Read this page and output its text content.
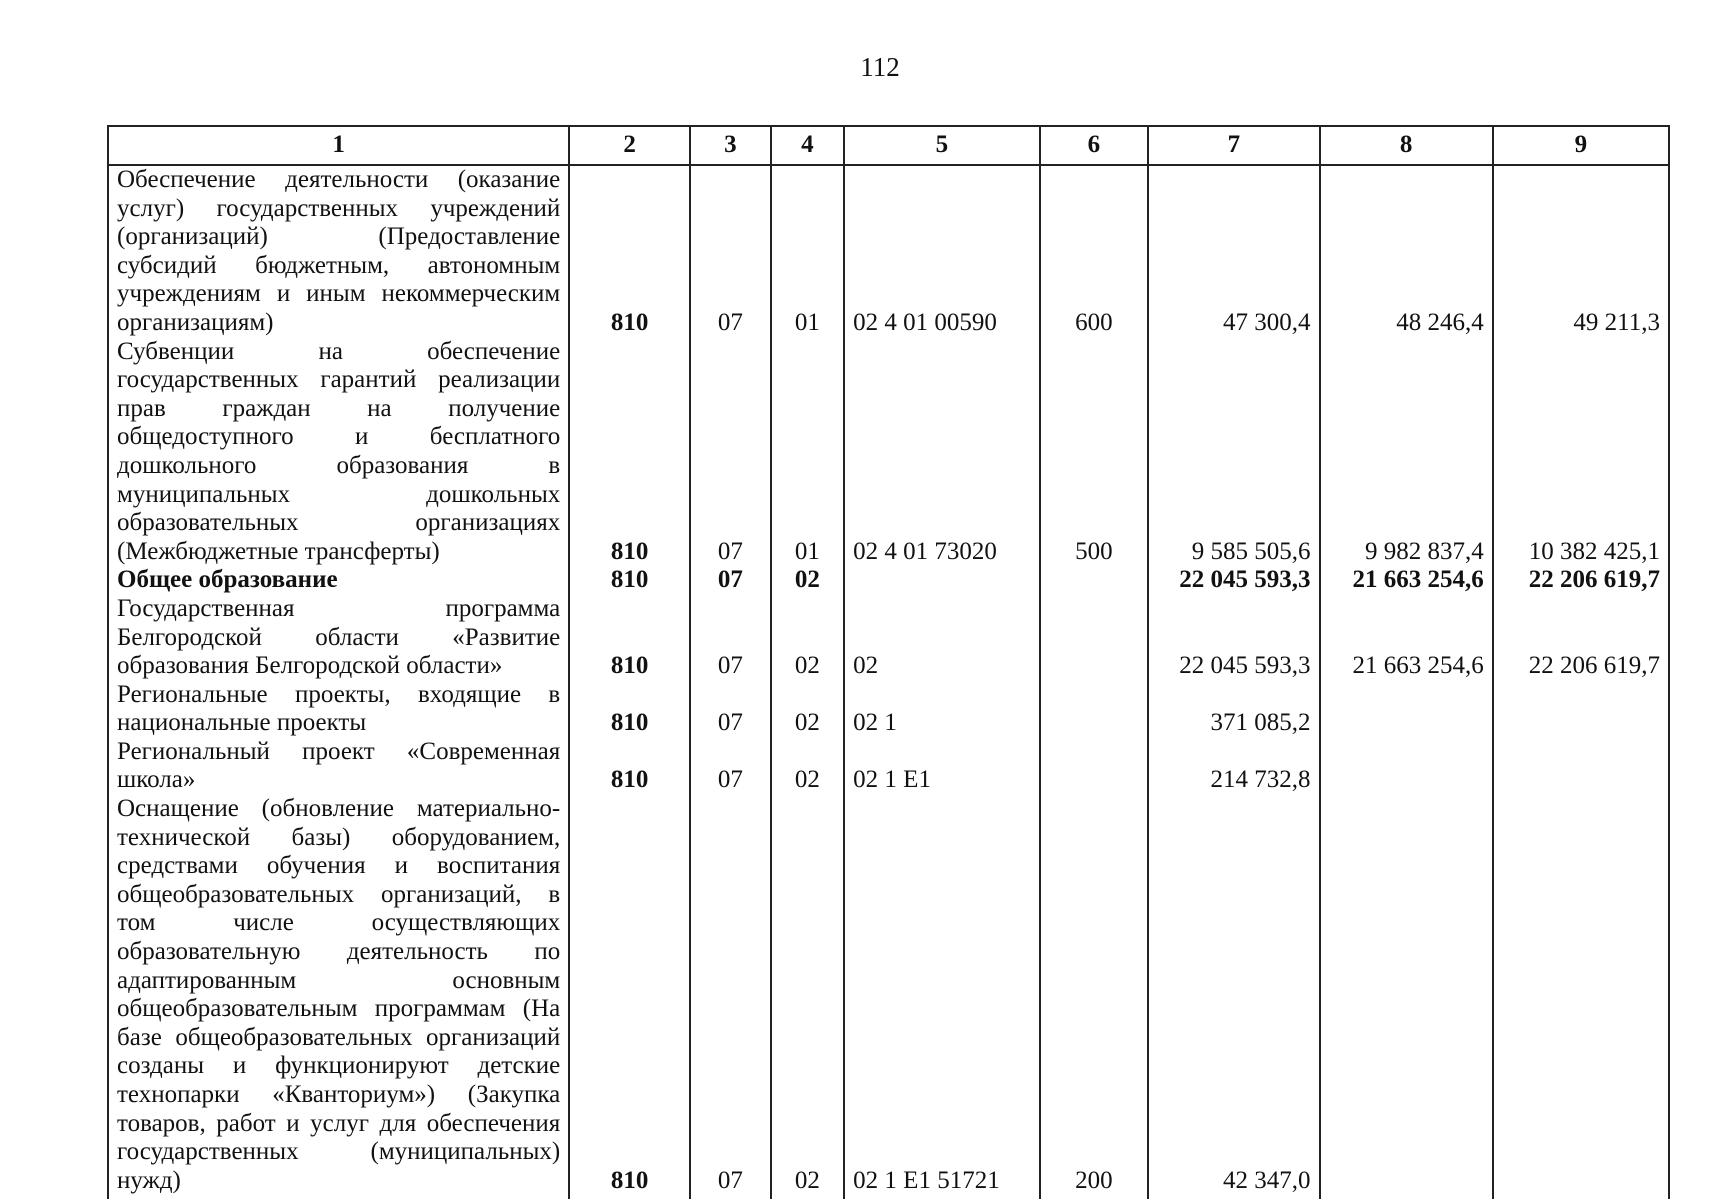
112
1	2	3	4	5	6	7	8	9
Обеспечение деятельности (оказание услуг) государственных учреждений (организаций) (Предоставление субсидий бюджетным, автономным учреждениям и иным некоммерческим организациям)	810	07	01	02 4 01 00590	600	47 300,4	48 246,4	49 211,3
Субвенции на обеспечение государственных гарантий реализации прав граждан на получение общедоступного и бесплатного дошкольного образования в муниципальных дошкольных образовательных организациях (Межбюджетные трансферты)	810	07	01	02 4 01 73020	500	9 585 505,6	9 982 837,4	10 382 425,1
Общее образование	810	07	02			22 045 593,3	21 663 254,6	22 206 619,7
Государственная программа Белгородской области «Развитие образования Белгородской области»	810	07	02	02		22 045 593,3	21 663 254,6	22 206 619,7
Региональные проекты, входящие в национальные проекты	810	07	02	02 1		371 085,2		
Региональный проект «Современная школа»	810	07	02	02 1 E1		214 732,8		
Оснащение (обновление материально-технической базы) оборудованием, средствами обучения и воспитания общеобразовательных организаций, в том числе осуществляющих образовательную деятельность по адаптированным основным общеобразовательным программам (На базе общеобразовательных организаций созданы и функционируют детские технопарки «Кванториум») (Закупка товаров, работ и услуг для обеспечения государственных (муниципальных) нужд)	810	07	02	02 1 E1 51721	200	42 347,0		
